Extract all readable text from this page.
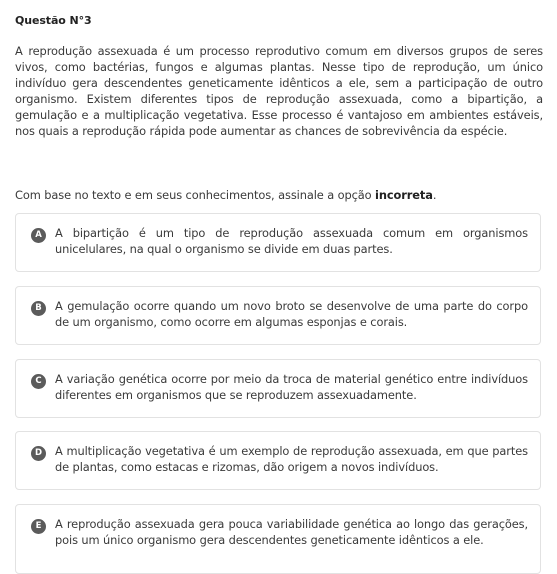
Questão N°3
A reprodução assexuada é um processo reprodutivo comum em diversos grupos de seres vivos, como bactérias, fungos e algumas plantas. Nesse tipo de reprodução, um único indivíduo gera descendentes geneticamente idênticos a ele, sem a participação de outro organismo. Existem diferentes tipos de reprodução assexuada, como a bipartição, a gemulação e a multiplicação vegetativa. Esse processo é vantajoso em ambientes estáveis, nos quais a reprodução rápida pode aumentar as chances de sobrevivência da espécie.
Com base no texto e em seus conhecimentos, assinale a opção incorreta.
A	A bipartição é um tipo de reprodução assexuada comum em organismos unicelulares, na qual o organismo se divide em duas partes.
B	A gemulação ocorre quando um novo broto se desenvolve de uma parte do corpo de um organismo, como ocorre em algumas esponjas e corais.
C	A variação genética ocorre por meio da troca de material genético entre indivíduos diferentes em organismos que se reproduzem assexuadamente.
D	A multiplicação vegetativa é um exemplo de reprodução assexuada, em que partes de plantas, como estacas e rizomas, dão origem a novos indivíduos.
E	A reprodução assexuada gera pouca variabilidade genética ao longo das gerações, pois um único organismo gera descendentes geneticamente idênticos a ele.
